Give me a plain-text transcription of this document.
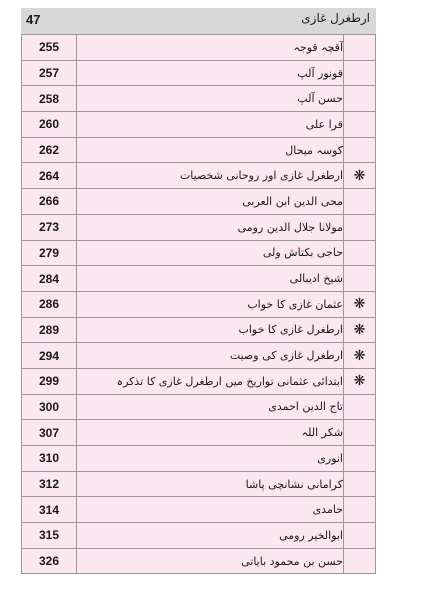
47	ارطغرل غازی
255	آقچہ قوجہ	
257	قونور آلپ	
258	حسن آلپ	
260	قرا علی	
262	کوسہ میحال	
264	ارطغرل غازی اور روحانی شخصیات	❋
266	محی الدین ابن العربی	
273	مولانا جلال الدین رومی	
279	حاجی بکتاش ولی	
284	شیخ ادیبالی	
286	عثمان غازی کا خواب	❋
289	ارطغرل غازی کا خواب	❋
294	ارطغرل غازی کی وصیت	❋
299	ابتدائی عثمانی تواریخ میں ارطغرل غازی کا تذکرہ	❋
300	تاج الدین احمدی	
307	شکر اللہ	
310	انوری	
312	کرامانی نشانچی پاشا	
314	حامدی	
315	ابوالخیر رومی	
326	حسن بن محمود بایاتی	
